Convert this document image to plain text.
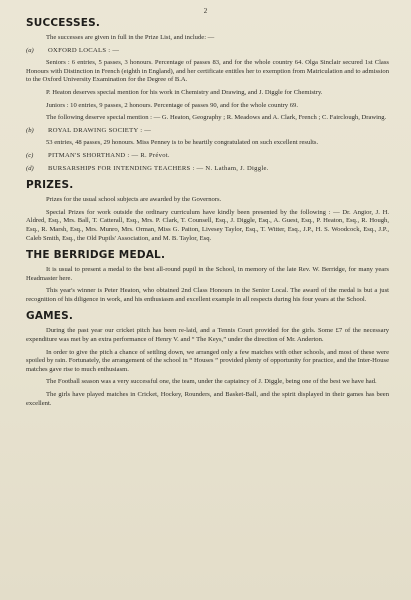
2
SUCCESSES.

The successes are given in full in the Prize List, and include: —

(a)	OXFORD LOCALS : —

Seniors : 6 entries, 5 passes, 3 honours. Percentage of passes 83, and for the whole country 64. Olga Sinclair secured 1st Class Honours with Distinction in French (eighth in England), and her certificate entitles her to exemption from Matriculation and to admission to the Oxford University Examination for the Degree of B.A.

P. Heaton deserves special mention for his work in Chemistry and Drawing, and J. Diggle for Chemistry.

Juniors : 10 entries, 9 passes, 2 honours. Percentage of passes 90, and for the whole country 69.

The following deserve special mention : — G. Heaton, Geography ; R. Meadows and A. Clark, French ; C. Fairclough, Drawing.

(b)	ROYAL DRAWING SOCIETY : —

53 entries, 48 passes, 29 honours. Miss Penney is to be heartily congratulated on such excellent results.

(c)	PITMAN'S SHORTHAND : — R. Prévot.
(d)	BURSARSHIPS FOR INTENDING TEACHERS : — N. Latham, J. Diggle.
PRIZES.

Prizes for the usual school subjects are awarded by the Governors.

Special Prizes for work outside the ordinary curriculum have kindly been presented by the following : — Dr. Angior, J. H. Aldred, Esq., Mrs. Ball, T. Catterall, Esq., Mrs. P. Clark, T. Counsell, Esq., J. Diggle, Esq., A. Guest, Esq., P. Heaton, Esq., R. Hough, Esq., R. Marsh, Esq., Mrs. Munro, Mrs. Orman, Miss G. Paiton, Livesey Taylor, Esq., T. Witter, Esq., J.P., H. S. Woodcock, Esq., J.P., Caleb Smith, Esq., the Old Pupils' Association, and M. B. Taylor, Esq.

THE BERRIDGE MEDAL.

It is usual to present a medal to the best all-round pupil in the School, in memory of the late Rev. W. Berridge, for many years Headmaster here.

This year's winner is Peter Heaton, who obtained 2nd Class Honours in the Senior Local. The award of the medal is but a just recognition of his diligence in work, and his enthusiasm and excellent example in all respects during his four years at the School.

GAMES.

During the past year our cricket pitch has been re-laid, and a Tennis Court provided for the girls. Some £7 of the necessary expenditure was met by an extra performance of Henry V. and “ The Keys,” under the direction of Mr. Anderton.

In order to give the pitch a chance of settling down, we arranged only a few matches with other schools, and most of these were spoiled by rain. Fortunately, the arrangement of the school in “ Houses ” provided plenty of opportunity for practice, and the Inter-House matches gave rise to much enthusiasm.

The Football season was a very successful one, the team, under the captaincy of J. Diggle, being one of the best we have had.

The girls have played matches in Cricket, Hockey, Rounders, and Basket-Ball, and the spirit displayed in their games has been excellent.
